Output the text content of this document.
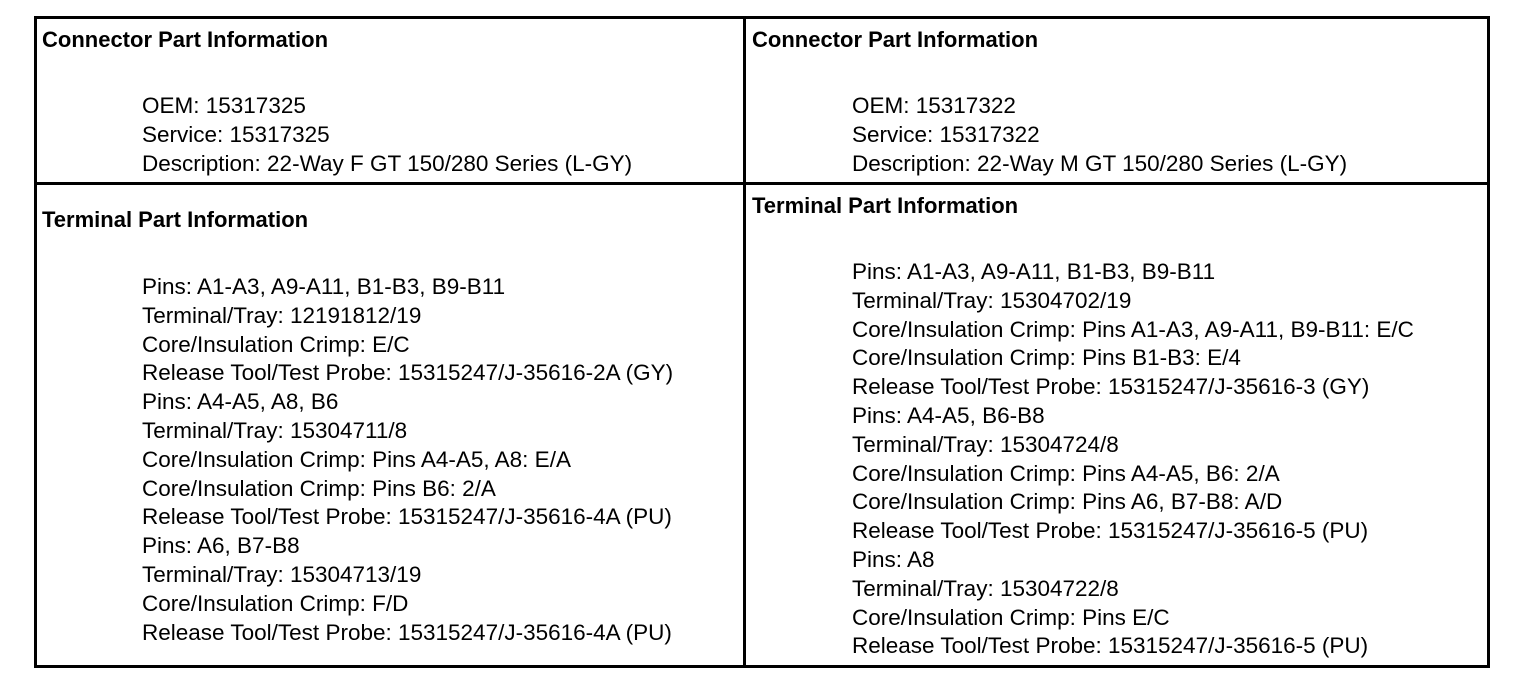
Connector Part Information
OEM: 15317325
Service: 15317325
Description: 22-Way F GT 150/280 Series (L-GY)
Connector Part Information
OEM: 15317322
Service: 15317322
Description: 22-Way M GT 150/280 Series (L-GY)
Terminal Part Information
Pins: A1-A3, A9-A11, B1-B3, B9-B11
Terminal/Tray: 12191812/19
Core/Insulation Crimp: E/C
Release Tool/Test Probe: 15315247/J-35616-2A (GY)
Pins: A4-A5, A8, B6
Terminal/Tray: 15304711/8
Core/Insulation Crimp: Pins A4-A5, A8: E/A
Core/Insulation Crimp: Pins B6: 2/A
Release Tool/Test Probe: 15315247/J-35616-4A (PU)
Pins: A6, B7-B8
Terminal/Tray: 15304713/19
Core/Insulation Crimp: F/D
Release Tool/Test Probe: 15315247/J-35616-4A (PU)
Terminal Part Information
Pins: A1-A3, A9-A11, B1-B3, B9-B11
Terminal/Tray: 15304702/19
Core/Insulation Crimp: Pins A1-A3, A9-A11, B9-B11: E/C
Core/Insulation Crimp: Pins B1-B3: E/4
Release Tool/Test Probe: 15315247/J-35616-3 (GY)
Pins: A4-A5, B6-B8
Terminal/Tray: 15304724/8
Core/Insulation Crimp: Pins A4-A5, B6: 2/A
Core/Insulation Crimp: Pins A6, B7-B8: A/D
Release Tool/Test Probe: 15315247/J-35616-5 (PU)
Pins: A8
Terminal/Tray: 15304722/8
Core/Insulation Crimp: Pins E/C
Release Tool/Test Probe: 15315247/J-35616-5 (PU)
